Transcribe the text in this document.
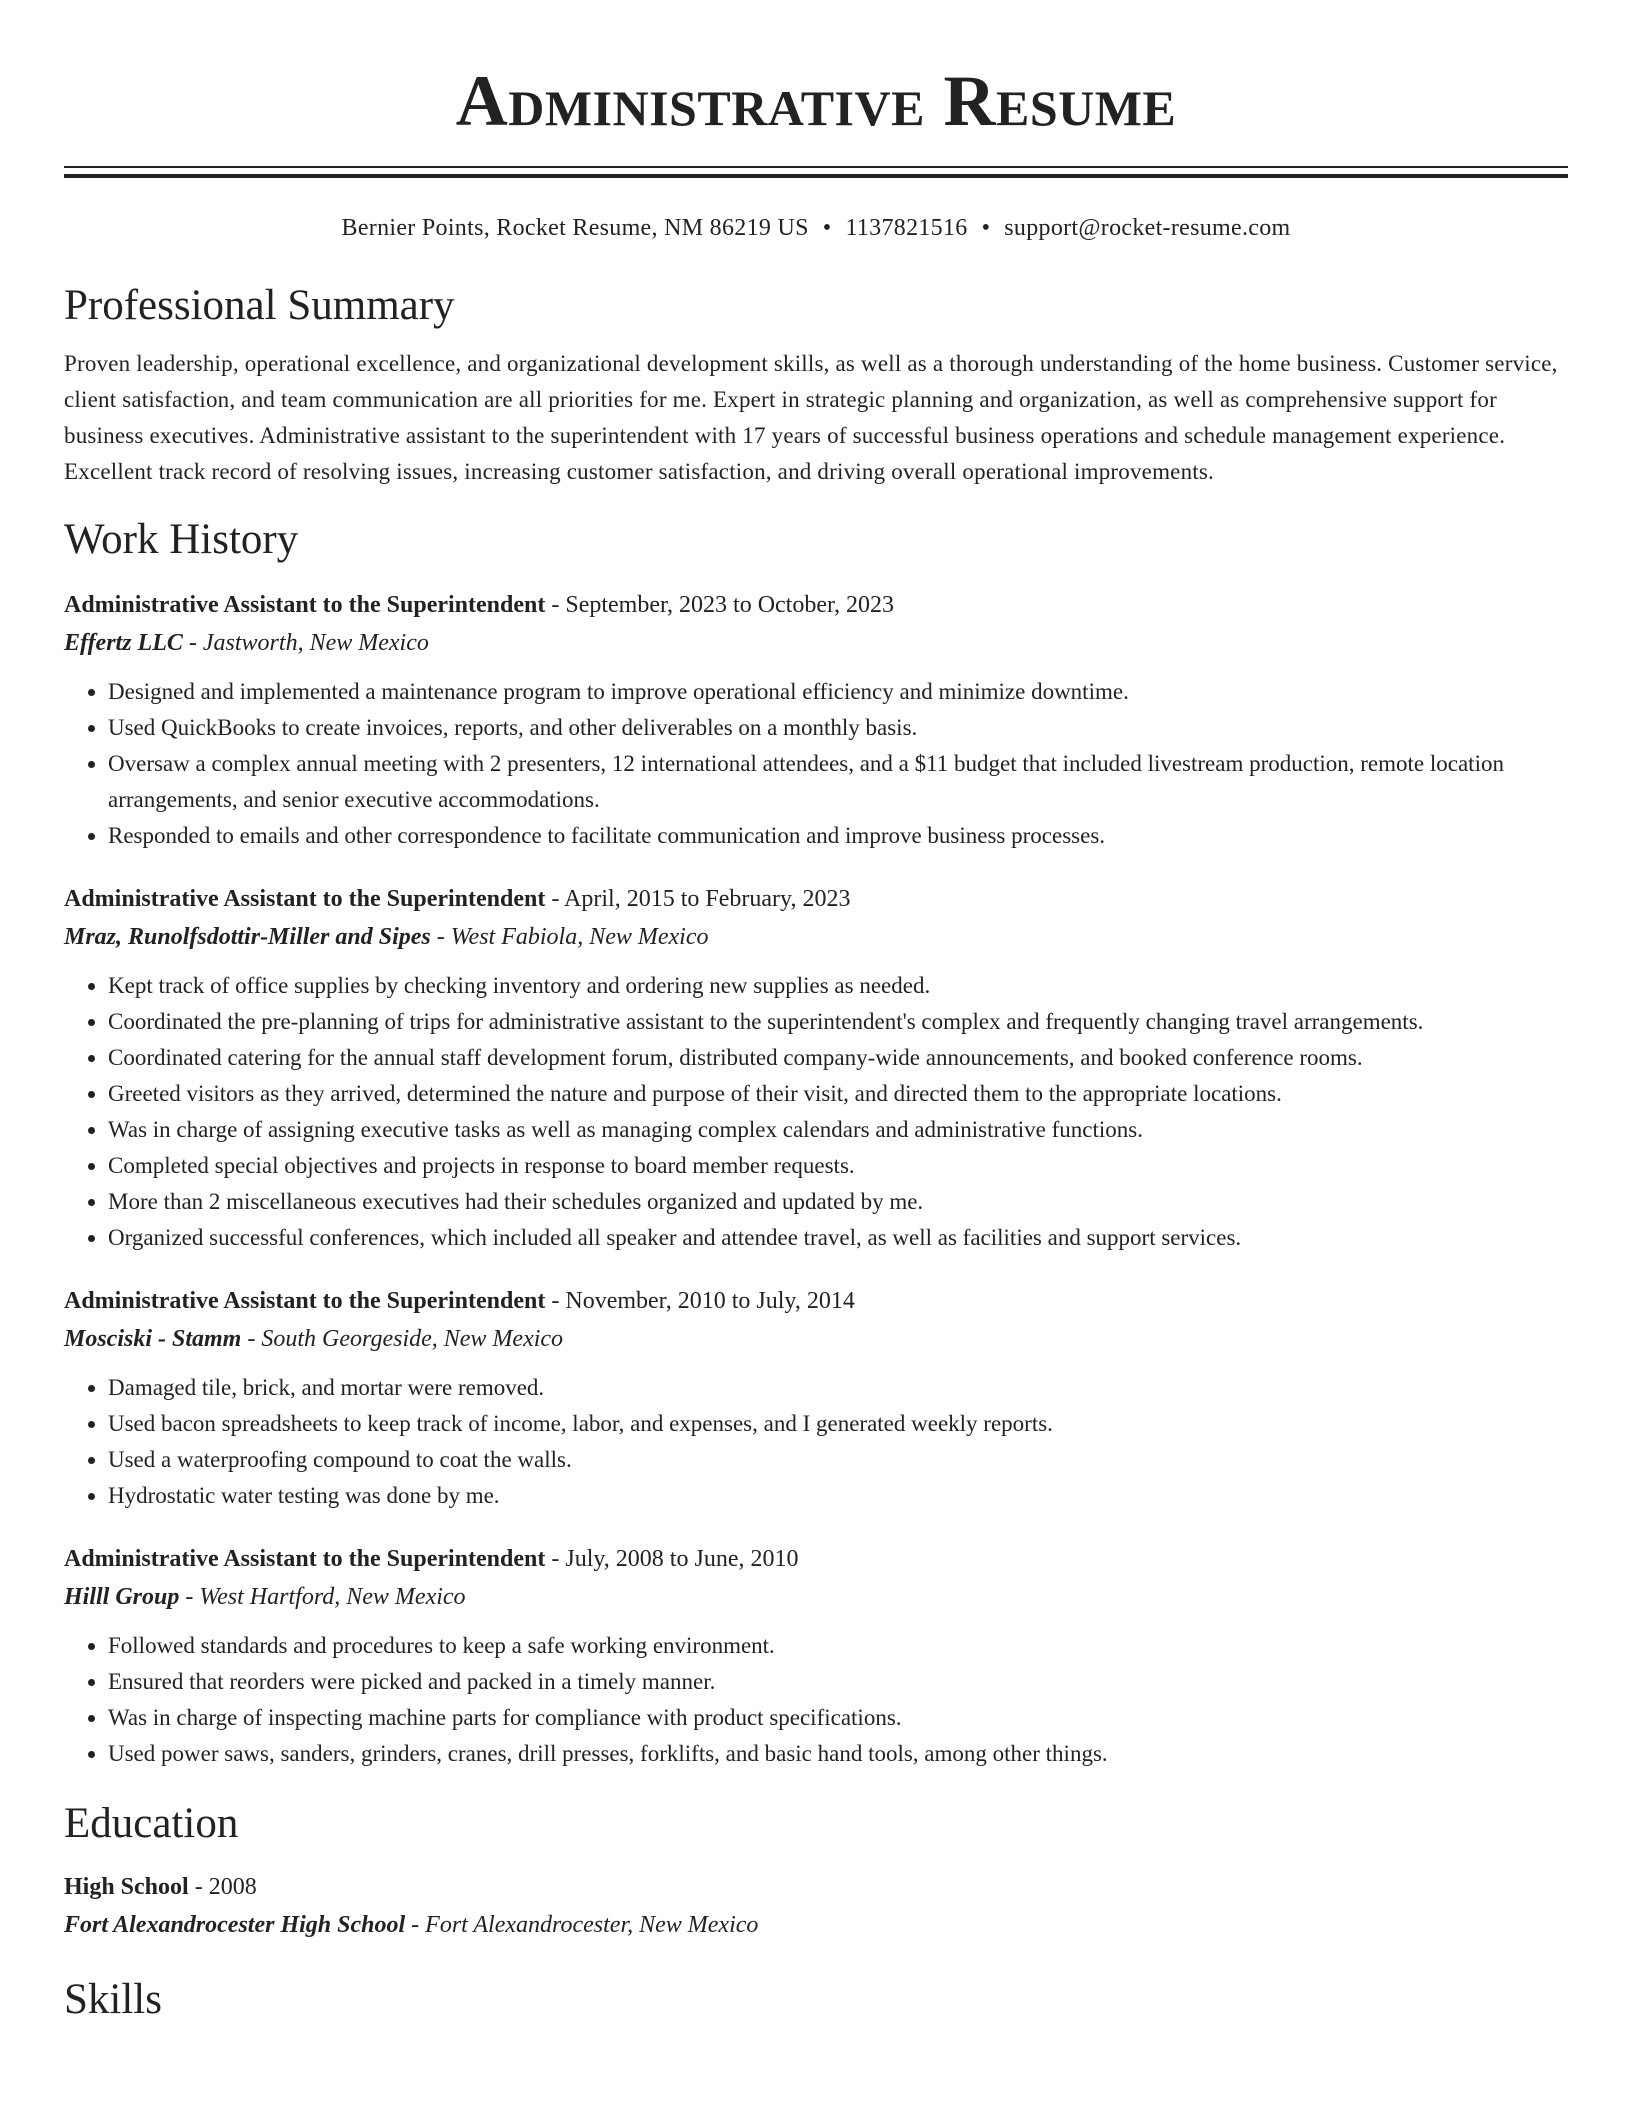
Administrative Resume
Bernier Points, Rocket Resume, NM 86219 US • 1137821516 • support@rocket-resume.com
Professional Summary

Proven leadership, operational excellence, and organizational development skills, as well as a thorough understanding of the home business. Customer service, client satisfaction, and team communication are all priorities for me. Expert in strategic planning and organization, as well as comprehensive support for business executives. Administrative assistant to the superintendent with 17 years of successful business operations and schedule management experience. Excellent track record of resolving issues, increasing customer satisfaction, and driving overall operational improvements.

Work History
Administrative Assistant to the Superintendent - September, 2023 to October, 2023
Effertz LLC - Jastworth, New Mexico
• Designed and implemented a maintenance program to improve operational efficiency and minimize downtime.
• Used QuickBooks to create invoices, reports, and other deliverables on a monthly basis.
• Oversaw a complex annual meeting with 2 presenters, 12 international attendees, and a $11 budget that included livestream production, remote location arrangements, and senior executive accommodations.
• Responded to emails and other correspondence to facilitate communication and improve business processes.
Administrative Assistant to the Superintendent - April, 2015 to February, 2023
Mraz, Runolfsdottir-Miller and Sipes - West Fabiola, New Mexico
• Kept track of office supplies by checking inventory and ordering new supplies as needed.
• Coordinated the pre-planning of trips for administrative assistant to the superintendent's complex and frequently changing travel arrangements.
• Coordinated catering for the annual staff development forum, distributed company-wide announcements, and booked conference rooms.
• Greeted visitors as they arrived, determined the nature and purpose of their visit, and directed them to the appropriate locations.
• Was in charge of assigning executive tasks as well as managing complex calendars and administrative functions.
• Completed special objectives and projects in response to board member requests.
• More than 2 miscellaneous executives had their schedules organized and updated by me.
• Organized successful conferences, which included all speaker and attendee travel, as well as facilities and support services.
Administrative Assistant to the Superintendent - November, 2010 to July, 2014
Mosciski - Stamm - South Georgeside, New Mexico
• Damaged tile, brick, and mortar were removed.
• Used bacon spreadsheets to keep track of income, labor, and expenses, and I generated weekly reports.
• Used a waterproofing compound to coat the walls.
• Hydrostatic water testing was done by me.
Administrative Assistant to the Superintendent - July, 2008 to June, 2010
Hilll Group - West Hartford, New Mexico
• Followed standards and procedures to keep a safe working environment.
• Ensured that reorders were picked and packed in a timely manner.
• Was in charge of inspecting machine parts for compliance with product specifications.
• Used power saws, sanders, grinders, cranes, drill presses, forklifts, and basic hand tools, among other things.
Education
High School - 2008
Fort Alexandrocester High School - Fort Alexandrocester, New Mexico
Skills
